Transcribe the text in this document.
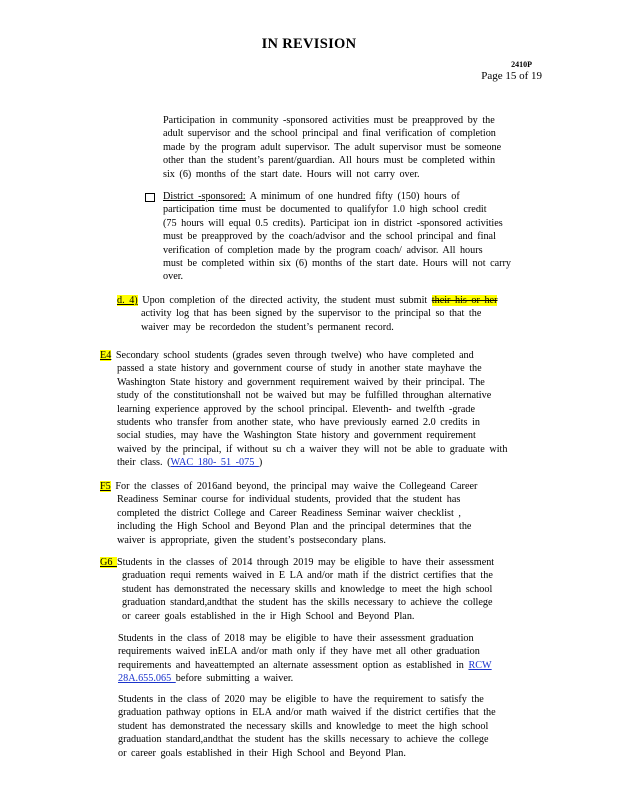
IN REVISION
2410P
Page 15 of 19
Participation in community -sponsored activities must be preapproved by the
adult supervisor and the school principal and final verification of completion
made by the program adult supervisor. The adult supervisor must be someone
other than the student’s parent/guardian. All hours must be completed within
six (6) months of the start date. Hours will not carry over.
District -sponsored: A minimum of one hundred fifty (150) hours of
participation time must be documented to qualifyfor 1.0 high school credit
(75 hours will equal 0.5 credits). Participat ion in district -sponsored activities
must be preapproved by the coach/advisor and the school principal and final
verification of completion made by the program coach/ advisor. All hours
must be completed within six (6) months of the start date. Hours will not carry
over.
d. 4) Upon completion of the directed activity, the student must submit their his or her
activity log that has been signed by the supervisor to the principal so that the
waiver may be recordedon the student’s permanent record.
E4 Secondary school students (grades seven through twelve) who have completed and
passed a state history and government course of study in another state mayhave the
Washington State history and government requirement waived by their principal. The
study of the constitutionshall not be waived but may be fulfilled throughan alternative
learning experience approved by the school principal. Eleventh- and twelfth -grade
students who transfer from another state, who have previously earned 2.0 credits in
social studies, may have the Washington State history and government requirement
waived by the principal, if without su ch a waiver they will not be able to graduate with
their class. (WAC 180- 51 -075 )
F5 For the classes of 2016and beyond, the principal may waive the Collegeand Career
Readiness Seminar course for individual students, provided that the student has
completed the district College and Career Readiness Seminar waiver checklist ,
including the High School and Beyond Plan and the principal determines that the
waiver is appropriate, given the student’s postsecondary plans.
G6 Students in the classes of 2014 through 2019 may be eligible to have their assessment
graduation requi rements waived in E LA and/or math if the district certifies that the
student has demonstrated the necessary skills and knowledge to meet the high school
graduation standard,andthat the student has the skills necessary to achieve the college
or career goals established in the ir High School and Beyond Plan.
Students in the class of 2018 may be eligible to have their assessment graduation
requirements waived inELA and/or math only if they have met all other graduation
requirements and haveattempted an alternate assessment option as established in RCW
28A.655.065 before submitting a waiver.
Students in the class of 2020 may be eligible to have the requirement to satisfy the
graduation pathway options in ELA and/or math waived if the district certifies that the
student has demonstrated the necessary skills and knowledge to meet the high school
graduation standard,andthat the student has the skills necessary to achieve the college
or career goals established in their High School and Beyond Plan.
